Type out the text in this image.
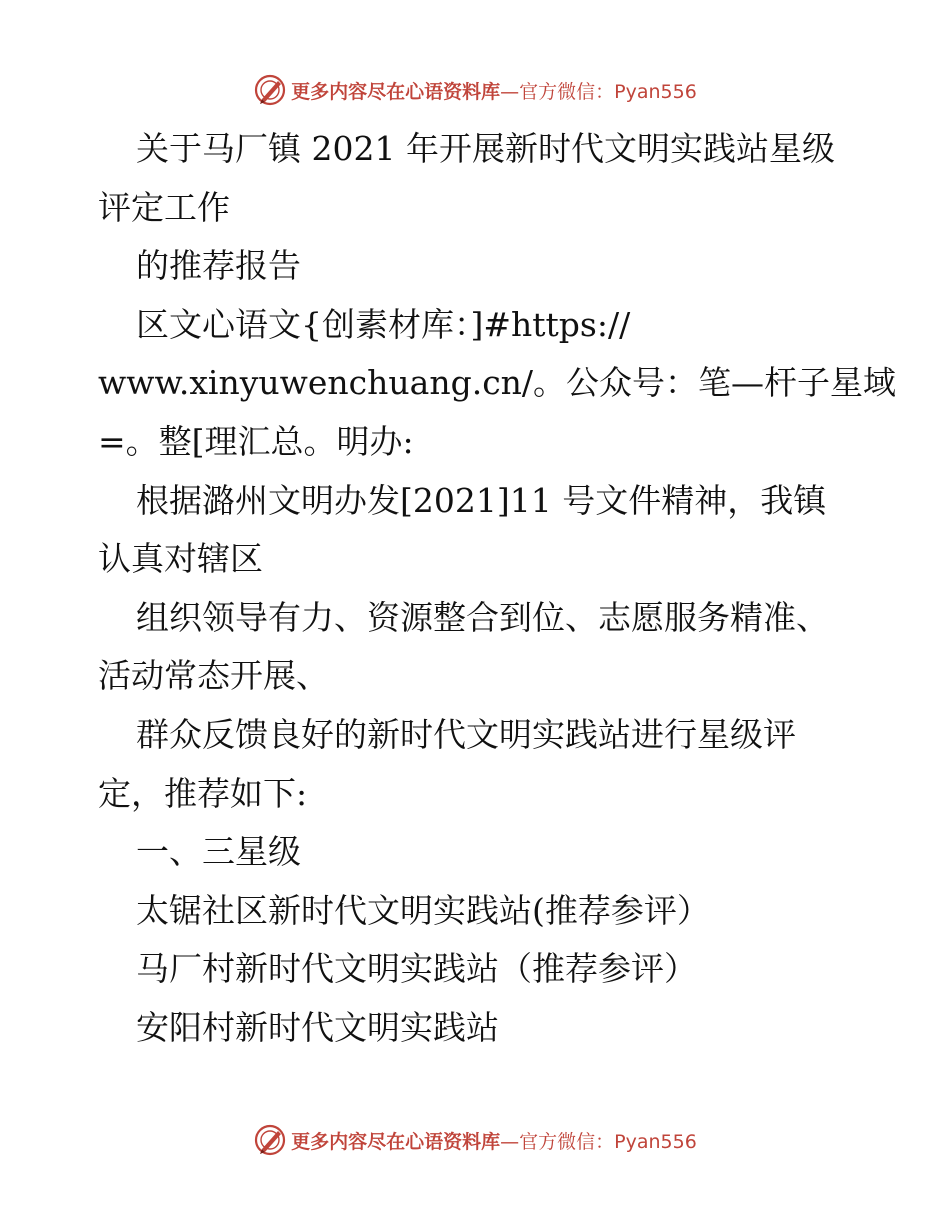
更多内容尽在心语资料库—官方微信：Pyan556
关于马厂镇 2021 年开展新时代文明实践站星级
评定工作
的推荐报告
区文心语文{创素材库：]#https://
www.xinyuwenchuang.cn/。公众号：笔—杆子星域
=。整[理汇总。明办:
根据潞州文明办发[2021]11 号文件精神，我镇
认真对辖区
组织领导有力、资源整合到位、志愿服务精准、
活动常态开展、
群众反馈良好的新时代文明实践站进行星级评
定，推荐如下:
一、三星级
太锯社区新时代文明实践站(推荐参评）
马厂村新时代文明实践站（推荐参评）
安阳村新时代文明实践站
更多内容尽在心语资料库—官方微信：Pyan556
